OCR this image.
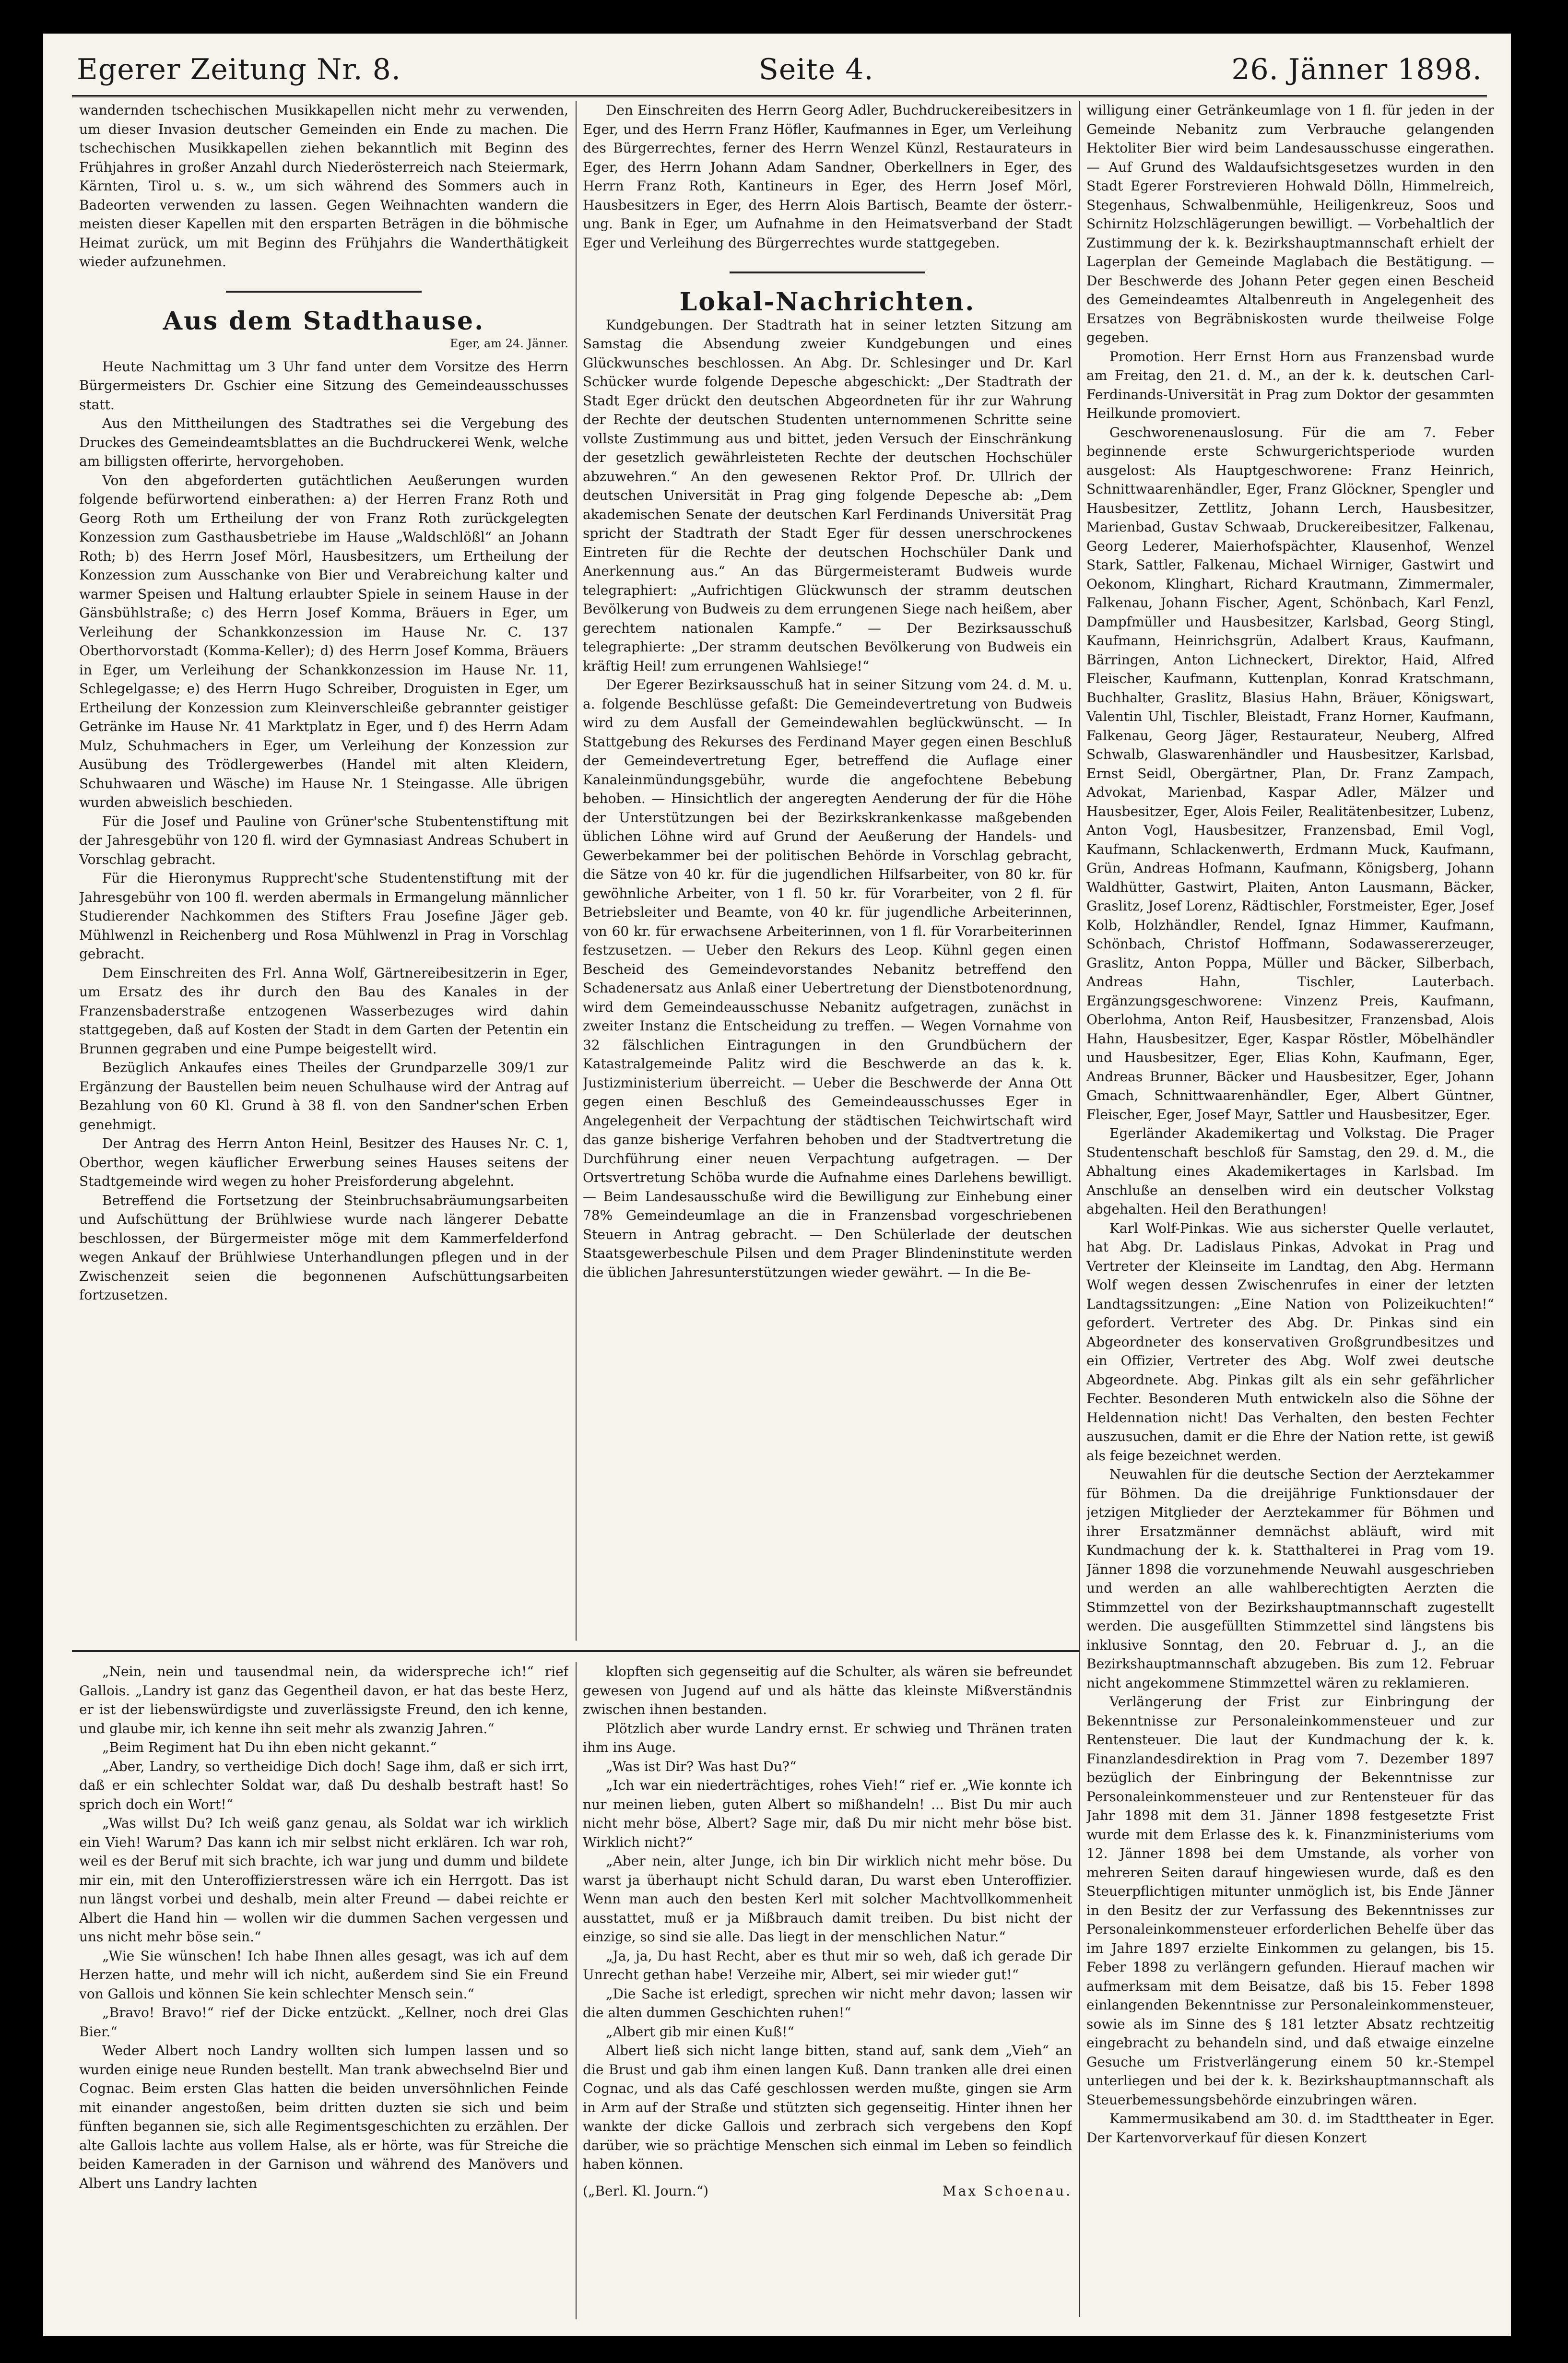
Egerer Zeitung Nr. 8.	Seite 4.	26. Jänner 1898.

wandernden tschechischen Musikkapellen nicht mehr zu verwenden, um dieser Invasion deutscher Gemeinden ein Ende zu machen. Die tschechischen Musikkapellen ziehen bekanntlich mit Beginn des Frühjahres in großer Anzahl durch Niederösterreich nach Steiermark, Kärnten, Tirol u. s. w., um sich während des Sommers auch in Badeorten verwenden zu lassen. Gegen Weihnachten wandern die meisten dieser Kapellen mit den ersparten Beträgen in die böhmische Heimat zurück, um mit Beginn des Frühjahrs die Wanderthätigkeit wieder aufzunehmen.

Aus dem Stadthause.

Eger, am 24. Jänner.

Heute Nachmittag um 3 Uhr fand unter dem Vorsitze des Herrn Bürgermeisters Dr. Gschier eine Sitzung des Gemeindeausschusses statt.

Aus den Mittheilungen des Stadtrathes sei die Vergebung des Druckes des Gemeindeamtsblattes an die Buchdruckerei Wenk, welche am billigsten offerirte, hervorgehoben.

Von den abgeforderten gutächtlichen Aeußerungen wurden folgende befürwortend einberathen: a) der Herren Franz Roth und Georg Roth um Ertheilung der von Franz Roth zurückgelegten Konzession zum Gasthausbetriebe im Hause „Waldschlößl“ an Johann Roth; b) des Herrn Josef Mörl, Hausbesitzers, um Ertheilung der Konzession zum Ausschanke von Bier und Verabreichung kalter und warmer Speisen und Haltung erlaubter Spiele in seinem Hause in der Gänsbühlstraße; c) des Herrn Josef Komma, Bräuers in Eger, um Verleihung der Schankkonzession im Hause Nr. C. 137 Oberthorvorstadt (Komma-Keller); d) des Herrn Josef Komma, Bräuers in Eger, um Verleihung der Schankkonzession im Hause Nr. 11, Schlegelgasse; e) des Herrn Hugo Schreiber, Droguisten in Eger, um Ertheilung der Konzession zum Kleinverschleiße gebrannter geistiger Getränke im Hause Nr. 41 Marktplatz in Eger, und f) des Herrn Adam Mulz, Schuhmachers in Eger, um Verleihung der Konzession zur Ausübung des Trödlergewerbes (Handel mit alten Kleidern, Schuhwaaren und Wäsche) im Hause Nr. 1 Steingasse. Alle übrigen wurden abweislich beschieden.

Für die Josef und Pauline von Grüner'sche Stubentenstiftung mit der Jahresgebühr von 120 fl. wird der Gymnasiast Andreas Schubert in Vorschlag gebracht.

Für die Hieronymus Rupprecht'sche Studentenstiftung mit der Jahresgebühr von 100 fl. werden abermals in Ermangelung männlicher Studierender Nachkommen des Stifters Frau Josefine Jäger geb. Mühlwenzl in Reichenberg und Rosa Mühlwenzl in Prag in Vorschlag gebracht.

Dem Einschreiten des Frl. Anna Wolf, Gärtnereibesitzerin in Eger, um Ersatz des ihr durch den Bau des Kanales in der Franzensbaderstraße entzogenen Wasserbezuges wird dahin stattgegeben, daß auf Kosten der Stadt in dem Garten der Petentin ein Brunnen gegraben und eine Pumpe beigestellt wird.

Bezüglich Ankaufes eines Theiles der Grundparzelle 309/1 zur Ergänzung der Baustellen beim neuen Schulhause wird der Antrag auf Bezahlung von 60 Kl. Grund à 38 fl. von den Sandner'schen Erben genehmigt.

Der Antrag des Herrn Anton Heinl, Besitzer des Hauses Nr. C. 1, Oberthor, wegen käuflicher Erwerbung seines Hauses seitens der Stadtgemeinde wird wegen zu hoher Preisforderung abgelehnt.

Betreffend die Fortsetzung der Steinbruchsabräumungsarbeiten und Aufschüttung der Brühlwiese wurde nach längerer Debatte beschlossen, der Bürgermeister möge mit dem Kammerfelderfond wegen Ankauf der Brühlwiese Unterhandlungen pflegen und in der Zwischenzeit seien die begonnenen Aufschüttungsarbeiten fortzusetzen.

Den Einschreiten des Herrn Georg Adler, Buchdruckereibesitzers in Eger, und des Herrn Franz Höfler, Kaufmannes in Eger, um Verleihung des Bürgerrechtes, ferner des Herrn Wenzel Künzl, Restaurateurs in Eger, des Herrn Johann Adam Sandner, Oberkellners in Eger, des Herrn Franz Roth, Kantineurs in Eger, des Herrn Josef Mörl, Hausbesitzers in Eger, des Herrn Alois Bartisch, Beamte der österr.-ung. Bank in Eger, um Aufnahme in den Heimatsverband der Stadt Eger und Verleihung des Bürgerrechtes wurde stattgegeben.

Lokal-Nachrichten.

Kundgebungen. Der Stadtrath hat in seiner letzten Sitzung am Samstag die Absendung zweier Kundgebungen und eines Glückwunsches beschlossen. An Abg. Dr. Schlesinger und Dr. Karl Schücker wurde folgende Depesche abgeschickt: „Der Stadtrath der Stadt Eger drückt den deutschen Abgeordneten für ihr zur Wahrung der Rechte der deutschen Studenten unternommenen Schritte seine vollste Zustimmung aus und bittet, jeden Versuch der Einschränkung der gesetzlich gewährleisteten Rechte der deutschen Hochschüler abzuwehren.“ An den gewesenen Rektor Prof. Dr. Ullrich der deutschen Universität in Prag ging folgende Depesche ab: „Dem akademischen Senate der deutschen Karl Ferdinands Universität Prag spricht der Stadtrath der Stadt Eger für dessen unerschrockenes Eintreten für die Rechte der deutschen Hochschüler Dank und Anerkennung aus.“ An das Bürgermeisteramt Budweis wurde telegraphiert: „Aufrichtigen Glückwunsch der stramm deutschen Bevölkerung von Budweis zu dem errungenen Siege nach heißem, aber gerechtem nationalen Kampfe.“ — Der Bezirksausschuß telegraphierte: „Der stramm deutschen Bevölkerung von Budweis ein kräftig Heil! zum errungenen Wahlsiege!“

Der Egerer Bezirksausschuß hat in seiner Sitzung vom 24. d. M. u. a. folgende Beschlüsse gefaßt: Die Gemeindevertretung von Budweis wird zu dem Ausfall der Gemeindewahlen beglückwünscht. — In Stattgebung des Rekurses des Ferdinand Mayer gegen einen Beschluß der Gemeindevertretung Eger, betreffend die Auflage einer Kanaleinmündungsgebühr, wurde die angefochtene Bebebung behoben. — Hinsichtlich der angeregten Aenderung der für die Höhe der Unterstützungen bei der Bezirkskrankenkasse maßgebenden üblichen Löhne wird auf Grund der Aeußerung der Handels- und Gewerbekammer bei der politischen Behörde in Vorschlag gebracht, die Sätze von 40 kr. für die jugendlichen Hilfsarbeiter, von 80 kr. für gewöhnliche Arbeiter, von 1 fl. 50 kr. für Vorarbeiter, von 2 fl. für Betriebsleiter und Beamte, von 40 kr. für jugendliche Arbeiterinnen, von 60 kr. für erwachsene Arbeiterinnen, von 1 fl. für Vorarbeiterinnen festzusetzen. — Ueber den Rekurs des Leop. Kühnl gegen einen Bescheid des Gemeindevorstandes Nebanitz betreffend den Schadenersatz aus Anlaß einer Uebertretung der Dienstbotenordnung, wird dem Gemeindeausschusse Nebanitz aufgetragen, zunächst in zweiter Instanz die Entscheidung zu treffen. — Wegen Vornahme von 32 fälschlichen Eintragungen in den Grundbüchern der Katastralgemeinde Palitz wird die Beschwerde an das k. k. Justizministerium überreicht. — Ueber die Beschwerde der Anna Ott gegen einen Beschluß des Gemeindeausschusses Eger in Angelegenheit der Verpachtung der städtischen Teichwirtschaft wird das ganze bisherige Verfahren behoben und der Stadtvertretung die Durchführung einer neuen Verpachtung aufgetragen. — Der Ortsvertretung Schöba wurde die Aufnahme eines Darlehens bewilligt. — Beim Landesausschuße wird die Bewilligung zur Einhebung einer 78% Gemeindeumlage an die in Franzensbad vorgeschriebenen Steuern in Antrag gebracht. — Den Schülerlade der deutschen Staatsgewerbeschule Pilsen und dem Prager Blindeninstitute werden die üblichen Jahresunterstützungen wieder gewährt. — In die Be-

willigung einer Getränkeumlage von 1 fl. für jeden in der Gemeinde Nebanitz zum Verbrauche gelangenden Hektoliter Bier wird beim Landesausschusse eingerathen. — Auf Grund des Waldaufsichtsgesetzes wurden in den Stadt Egerer Forstrevieren Hohwald Dölln, Himmelreich, Stegenhaus, Schwalbenmühle, Heiligenkreuz, Soos und Schirnitz Holzschlägerungen bewilligt. — Vorbehaltlich der Zustimmung der k. k. Bezirkshauptmannschaft erhielt der Lagerplan der Gemeinde Maglabach die Bestätigung. — Der Beschwerde des Johann Peter gegen einen Bescheid des Gemeindeamtes Altalbenreuth in Angelegenheit des Ersatzes von Begräbniskosten wurde theilweise Folge gegeben.

Promotion. Herr Ernst Horn aus Franzensbad wurde am Freitag, den 21. d. M., an der k. k. deutschen Carl-Ferdinands-Universität in Prag zum Doktor der gesammten Heilkunde promoviert.

Geschworenenauslosung. Für die am 7. Feber beginnende erste Schwurgerichtsperiode wurden ausgelost: Als Hauptgeschworene: Franz Heinrich, Schnittwaarenhändler, Eger, Franz Glöckner, Spengler und Hausbesitzer, Zettlitz, Johann Lerch, Hausbesitzer, Marienbad, Gustav Schwaab, Druckereibesitzer, Falkenau, Georg Lederer, Maierhofspächter, Klausenhof, Wenzel Stark, Sattler, Falkenau, Michael Wirniger, Gastwirt und Oekonom, Klinghart, Richard Krautmann, Zimmermaler, Falkenau, Johann Fischer, Agent, Schönbach, Karl Fenzl, Dampfmüller und Hausbesitzer, Karlsbad, Georg Stingl, Kaufmann, Heinrichsgrün, Adalbert Kraus, Kaufmann, Bärringen, Anton Lichneckert, Direktor, Haid, Alfred Fleischer, Kaufmann, Kuttenplan, Konrad Kratschmann, Buchhalter, Graslitz, Blasius Hahn, Bräuer, Königswart, Valentin Uhl, Tischler, Bleistadt, Franz Horner, Kaufmann, Falkenau, Georg Jäger, Restaurateur, Neuberg, Alfred Schwalb, Glaswarenhändler und Hausbesitzer, Karlsbad, Ernst Seidl, Obergärtner, Plan, Dr. Franz Zampach, Advokat, Marienbad, Kaspar Adler, Mälzer und Hausbesitzer, Eger, Alois Feiler, Realitätenbesitzer, Lubenz, Anton Vogl, Hausbesitzer, Franzensbad, Emil Vogl, Kaufmann, Schlackenwerth, Erdmann Muck, Kaufmann, Grün, Andreas Hofmann, Kaufmann, Königsberg, Johann Waldhütter, Gastwirt, Plaiten, Anton Lausmann, Bäcker, Graslitz, Josef Lorenz, Rädtischler, Forstmeister, Eger, Josef Kolb, Holzhändler, Rendel, Ignaz Himmer, Kaufmann, Schönbach, Christof Hoffmann, Sodawassererzeuger, Graslitz, Anton Poppa, Müller und Bäcker, Silberbach, Andreas Hahn, Tischler, Lauterbach. Ergänzungsgeschworene: Vinzenz Preis, Kaufmann, Oberlohma, Anton Reif, Hausbesitzer, Franzensbad, Alois Hahn, Hausbesitzer, Eger, Kaspar Röstler, Möbelhändler und Hausbesitzer, Eger, Elias Kohn, Kaufmann, Eger, Andreas Brunner, Bäcker und Hausbesitzer, Eger, Johann Gmach, Schnittwaarenhändler, Eger, Albert Güntner, Fleischer, Eger, Josef Mayr, Sattler und Hausbesitzer, Eger.

Egerländer Akademikertag und Volkstag. Die Prager Studentenschaft beschloß für Samstag, den 29. d. M., die Abhaltung eines Akademikertages in Karlsbad. Im Anschluße an denselben wird ein deutscher Volkstag abgehalten. Heil den Berathungen!

Karl Wolf-Pinkas. Wie aus sicherster Quelle verlautet, hat Abg. Dr. Ladislaus Pinkas, Advokat in Prag und Vertreter der Kleinseite im Landtag, den Abg. Hermann Wolf wegen dessen Zwischenrufes in einer der letzten Landtagssitzungen: „Eine Nation von Polizeikuchten!“ gefordert. Vertreter des Abg. Dr. Pinkas sind ein Abgeordneter des konservativen Großgrundbesitzes und ein Offizier, Vertreter des Abg. Wolf zwei deutsche Abgeordnete. Abg. Pinkas gilt als ein sehr gefährlicher Fechter. Besonderen Muth entwickeln also die Söhne der Heldennation nicht! Das Verhalten, den besten Fechter auszusuchen, damit er die Ehre der Nation rette, ist gewiß als feige bezeichnet werden.

Neuwahlen für die deutsche Section der Aerztekammer für Böhmen. Da die dreijährige Funktionsdauer der jetzigen Mitglieder der Aerztekammer für Böhmen und ihrer Ersatzmänner demnächst abläuft, wird mit Kundmachung der k. k. Statthalterei in Prag vom 19. Jänner 1898 die vorzunehmende Neuwahl ausgeschrieben und werden an alle wahlberechtigten Aerzten die Stimmzettel von der Bezirkshauptmannschaft zugestellt werden. Die ausgefüllten Stimmzettel sind längstens bis inklusive Sonntag, den 20. Februar d. J., an die Bezirkshauptmannschaft abzugeben. Bis zum 12. Februar nicht angekommene Stimmzettel wären zu reklamieren.

Verlängerung der Frist zur Einbringung der Bekenntnisse zur Personaleinkommensteuer und zur Rentensteuer. Die laut der Kundmachung der k. k. Finanzlandesdirektion in Prag vom 7. Dezember 1897 bezüglich der Einbringung der Bekenntnisse zur Personaleinkommensteuer und zur Rentensteuer für das Jahr 1898 mit dem 31. Jänner 1898 festgesetzte Frist wurde mit dem Erlasse des k. k. Finanzministeriums vom 12. Jänner 1898 bei dem Umstande, als vorher von mehreren Seiten darauf hingewiesen wurde, daß es den Steuerpflichtigen mitunter unmöglich ist, bis Ende Jänner in den Besitz der zur Verfassung des Bekenntnisses zur Personaleinkommensteuer erforderlichen Behelfe über das im Jahre 1897 erzielte Einkommen zu gelangen, bis 15. Feber 1898 zu verlängern gefunden. Hierauf machen wir aufmerksam mit dem Beisatze, daß bis 15. Feber 1898 einlangenden Bekenntnisse zur Personaleinkommensteuer, sowie als im Sinne des § 181 letzter Absatz rechtzeitig eingebracht zu behandeln sind, und daß etwaige einzelne Gesuche um Fristverlängerung einem 50 kr.-Stempel unterliegen und bei der k. k. Bezirkshauptmannschaft als Steuerbemessungsbehörde einzubringen wären.

Kammermusikabend am 30. d. im Stadttheater in Eger. Der Kartenvorverkauf für diesen Konzert

„Nein, nein und tausendmal nein, da widerspreche ich!“ rief Gallois. „Landry ist ganz das Gegentheil davon, er hat das beste Herz, er ist der liebenswürdigste und zuverlässigste Freund, den ich kenne, und glaube mir, ich kenne ihn seit mehr als zwanzig Jahren.“

„Beim Regiment hat Du ihn eben nicht gekannt.“

„Aber, Landry, so vertheidige Dich doch! Sage ihm, daß er sich irrt, daß er ein schlechter Soldat war, daß Du deshalb bestraft hast! So sprich doch ein Wort!“

„Was willst Du? Ich weiß ganz genau, als Soldat war ich wirklich ein Vieh! Warum? Das kann ich mir selbst nicht erklären. Ich war roh, weil es der Beruf mit sich brachte, ich war jung und dumm und bildete mir ein, mit den Unteroffizierstressen wäre ich ein Herrgott. Das ist nun längst vorbei und deshalb, mein alter Freund — dabei reichte er Albert die Hand hin — wollen wir die dummen Sachen vergessen und uns nicht mehr böse sein.“

„Wie Sie wünschen! Ich habe Ihnen alles gesagt, was ich auf dem Herzen hatte, und mehr will ich nicht, außerdem sind Sie ein Freund von Gallois und können Sie kein schlechter Mensch sein.“

„Bravo! Bravo!“ rief der Dicke entzückt. „Kellner, noch drei Glas Bier.“

Weder Albert noch Landry wollten sich lumpen lassen und so wurden einige neue Runden bestellt. Man trank abwechselnd Bier und Cognac. Beim ersten Glas hatten die beiden unversöhnlichen Feinde mit einander angestoßen, beim dritten duzten sie sich und beim fünften begannen sie, sich alle Regimentsgeschichten zu erzählen. Der alte Gallois lachte aus vollem Halse, als er hörte, was für Streiche die beiden Kameraden in der Garnison und während des Manövers und Albert uns Landry lachten

klopften sich gegenseitig auf die Schulter, als wären sie befreundet gewesen von Jugend auf und als hätte das kleinste Mißverständnis zwischen ihnen bestanden.

Plötzlich aber wurde Landry ernst. Er schwieg und Thränen traten ihm ins Auge.

„Was ist Dir? Was hast Du?“

„Ich war ein niederträchtiges, rohes Vieh!“ rief er. „Wie konnte ich nur meinen lieben, guten Albert so mißhandeln! ... Bist Du mir auch nicht mehr böse, Albert? Sage mir, daß Du mir nicht mehr böse bist. Wirklich nicht?“

„Aber nein, alter Junge, ich bin Dir wirklich nicht mehr böse. Du warst ja überhaupt nicht Schuld daran, Du warst eben Unteroffizier. Wenn man auch den besten Kerl mit solcher Machtvollkommenheit ausstattet, muß er ja Mißbrauch damit treiben. Du bist nicht der einzige, so sind sie alle. Das liegt in der menschlichen Natur.“

„Ja, ja, Du hast Recht, aber es thut mir so weh, daß ich gerade Dir Unrecht gethan habe! Verzeihe mir, Albert, sei mir wieder gut!“

„Die Sache ist erledigt, sprechen wir nicht mehr davon; lassen wir die alten dummen Geschichten ruhen!“

„Albert gib mir einen Kuß!“

Albert ließ sich nicht lange bitten, stand auf, sank dem „Vieh“ an die Brust und gab ihm einen langen Kuß. Dann tranken alle drei einen Cognac, und als das Café geschlossen werden mußte, gingen sie Arm in Arm auf der Straße und stützten sich gegenseitig. Hinter ihnen her wankte der dicke Gallois und zerbrach sich vergebens den Kopf darüber, wie so prächtige Menschen sich einmal im Leben so feindlich haben können.

(„Berl. Kl. Journ.“)	Max Schoenau.
